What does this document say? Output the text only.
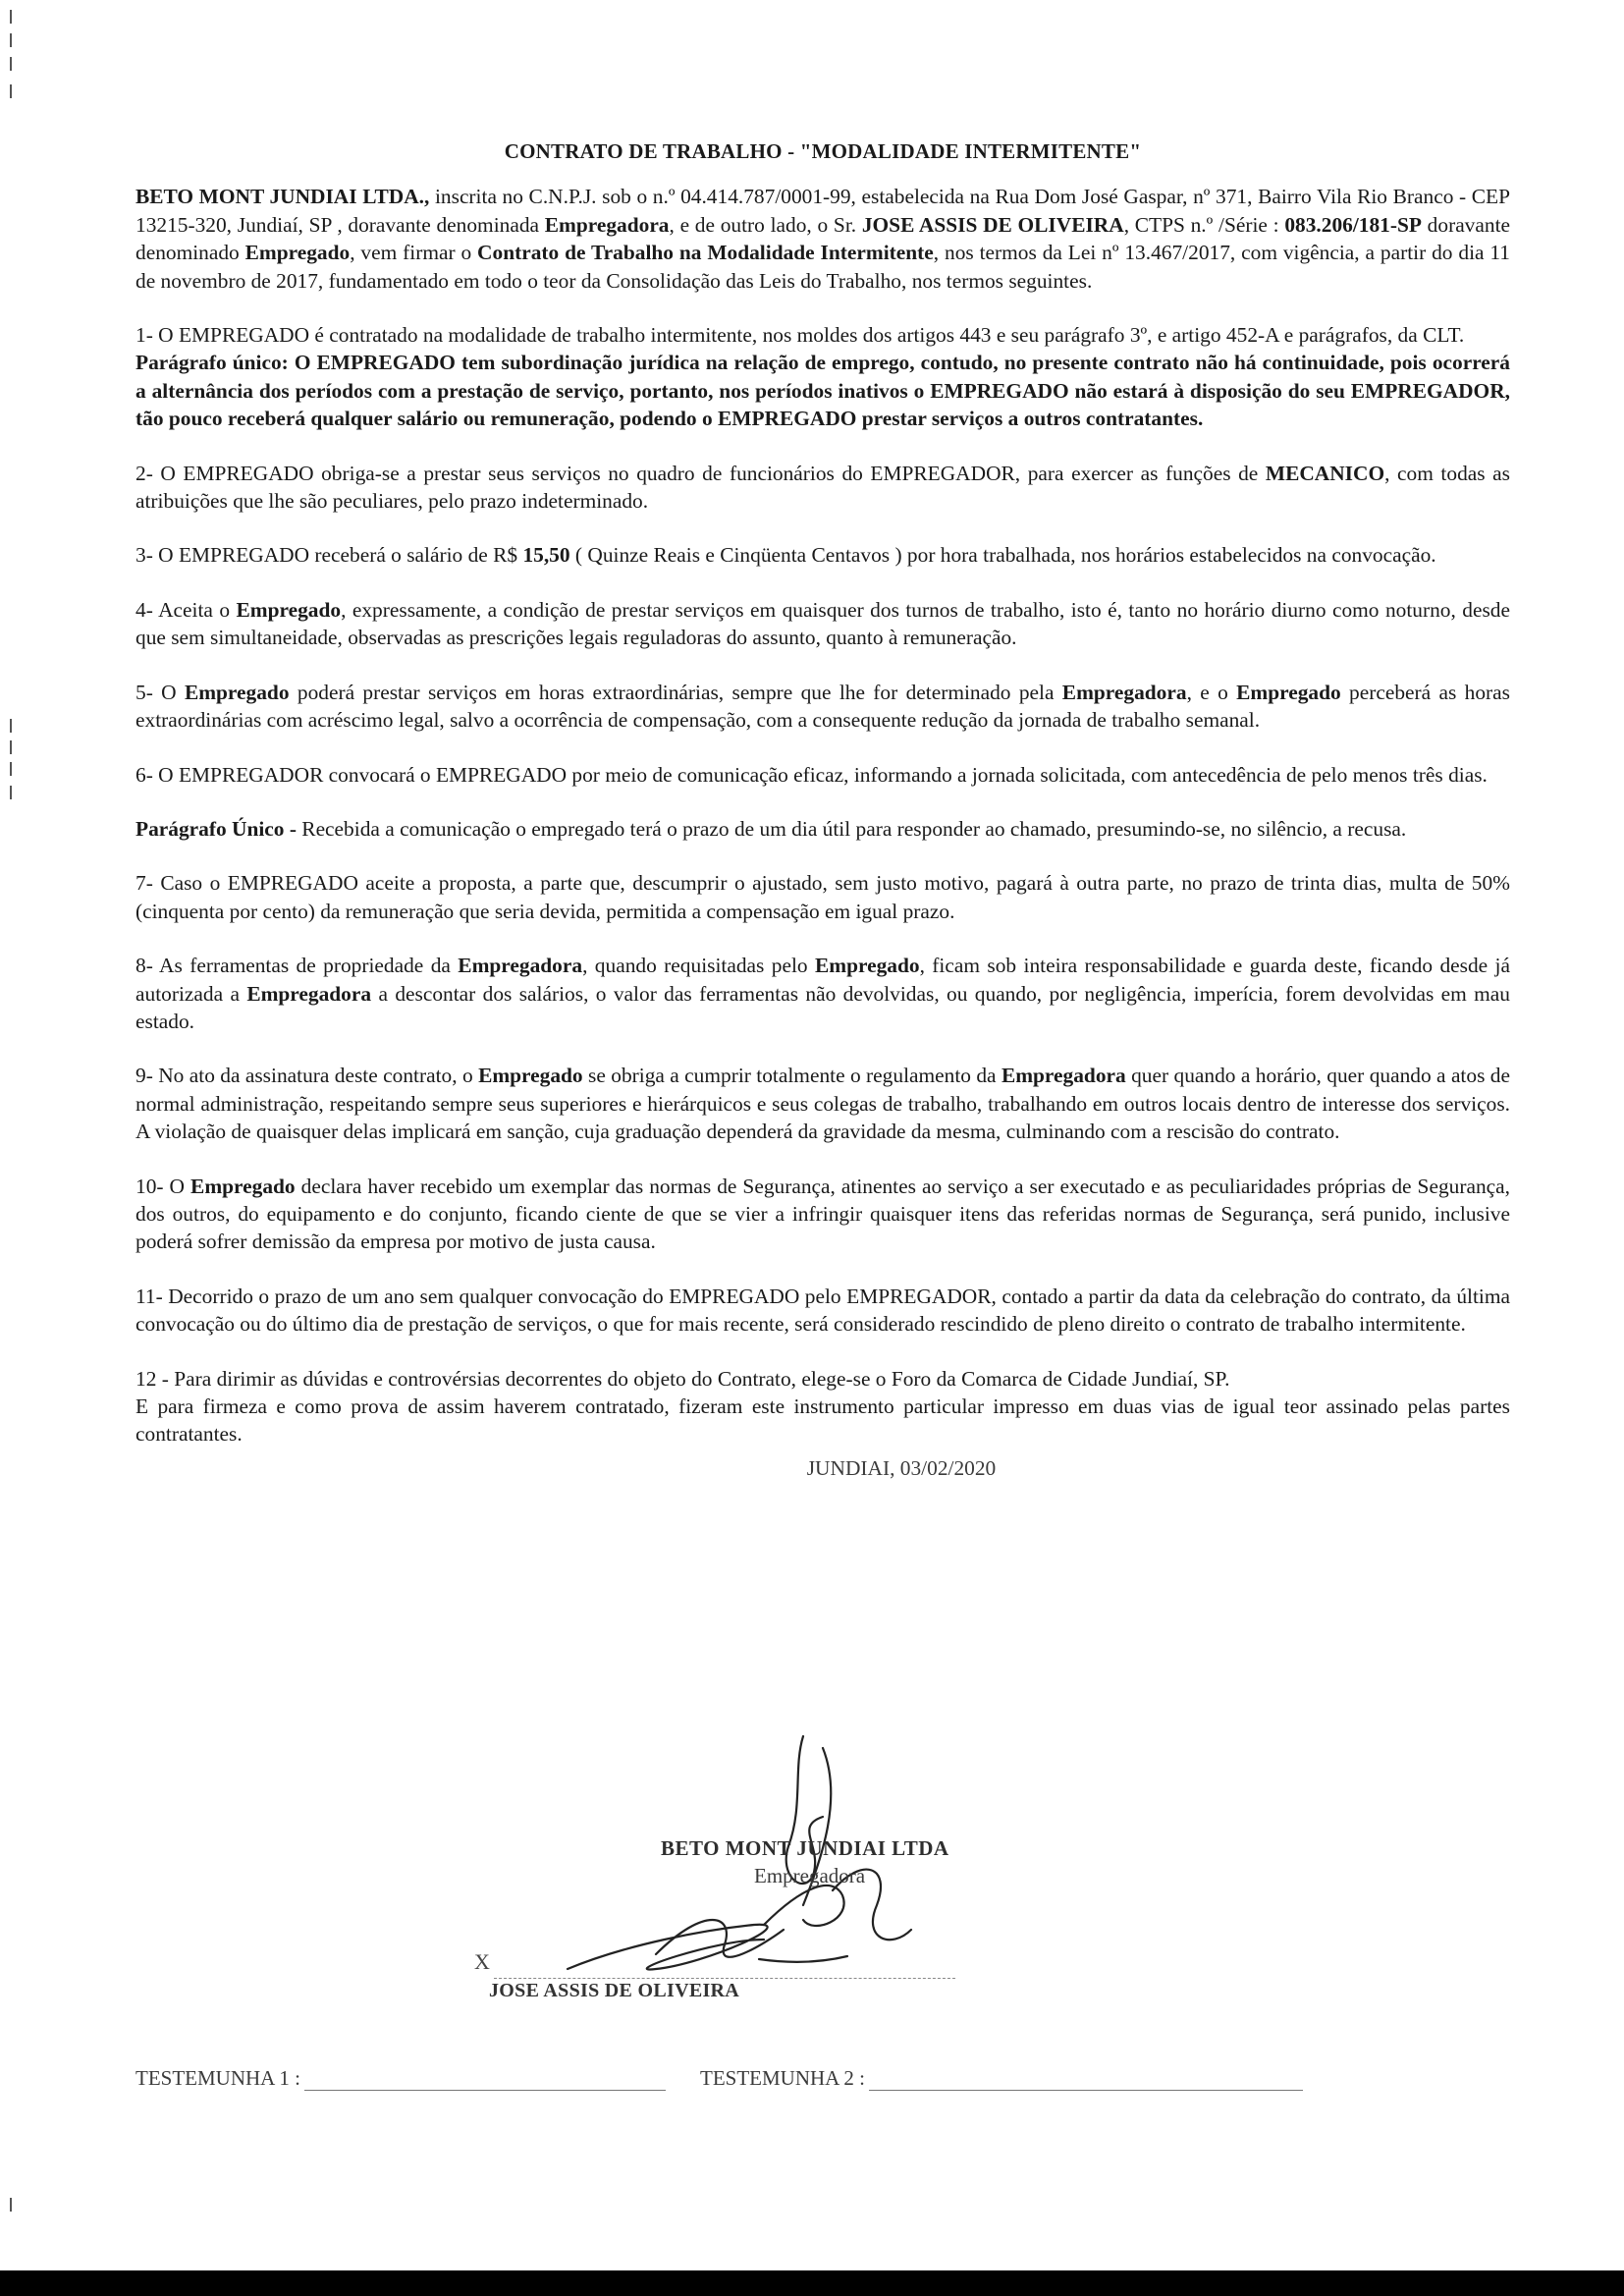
CONTRATO DE TRABALHO - "MODALIDADE INTERMITENTE"

BETO MONT JUNDIAI LTDA., inscrita no C.N.P.J. sob o n.º 04.414.787/0001-99, estabelecida na Rua Dom José Gaspar, nº 371, Bairro Vila Rio Branco - CEP 13215-320, Jundiaí, SP , doravante denominada Empregadora, e de outro lado, o Sr. JOSE ASSIS DE OLIVEIRA, CTPS n.º /Série : 083.206/181-SP doravante denominado Empregado, vem firmar o Contrato de Trabalho na Modalidade Intermitente, nos termos da Lei nº 13.467/2017, com vigência, a partir do dia 11 de novembro de 2017, fundamentado em todo o teor da Consolidação das Leis do Trabalho, nos termos seguintes.

1- O EMPREGADO é contratado na modalidade de trabalho intermitente, nos moldes dos artigos 443 e seu parágrafo 3º, e artigo 452-A e parágrafos, da CLT.

Parágrafo único: O EMPREGADO tem subordinação jurídica na relação de emprego, contudo, no presente contrato não há continuidade, pois ocorrerá a alternância dos períodos com a prestação de serviço, portanto, nos períodos inativos o EMPREGADO não estará à disposição do seu EMPREGADOR, tão pouco receberá qualquer salário ou remuneração, podendo o EMPREGADO prestar serviços a outros contratantes.

2- O EMPREGADO obriga-se a prestar seus serviços no quadro de funcionários do EMPREGADOR, para exercer as funções de MECANICO, com todas as atribuições que lhe são peculiares, pelo prazo indeterminado.

3- O EMPREGADO receberá o salário de R$ 15,50 ( Quinze Reais e Cinqüenta Centavos ) por hora trabalhada, nos horários estabelecidos na convocação.

4- Aceita o Empregado, expressamente, a condição de prestar serviços em quaisquer dos turnos de trabalho, isto é, tanto no horário diurno como noturno, desde que sem simultaneidade, observadas as prescrições legais reguladoras do assunto, quanto à remuneração.

5- O Empregado poderá prestar serviços em horas extraordinárias, sempre que lhe for determinado pela Empregadora, e o Empregado perceberá as horas extraordinárias com acréscimo legal, salvo a ocorrência de compensação, com a consequente redução da jornada de trabalho semanal.

6- O EMPREGADOR convocará o EMPREGADO por meio de comunicação eficaz, informando a jornada solicitada, com antecedência de pelo menos três dias.

Parágrafo Único - Recebida a comunicação o empregado terá o prazo de um dia útil para responder ao chamado, presumindo-se, no silêncio, a recusa.

7- Caso o EMPREGADO aceite a proposta, a parte que, descumprir o ajustado, sem justo motivo, pagará à outra parte, no prazo de trinta dias, multa de 50% (cinquenta por cento) da remuneração que seria devida, permitida a compensação em igual prazo.

8- As ferramentas de propriedade da Empregadora, quando requisitadas pelo Empregado, ficam sob inteira responsabilidade e guarda deste, ficando desde já autorizada a Empregadora a descontar dos salários, o valor das ferramentas não devolvidas, ou quando, por negligência, imperícia, forem devolvidas em mau estado.

9- No ato da assinatura deste contrato, o Empregado se obriga a cumprir totalmente o regulamento da Empregadora quer quando a horário, quer quando a atos de normal administração, respeitando sempre seus superiores e hierárquicos e seus colegas de trabalho, trabalhando em outros locais dentro de interesse dos serviços. A violação de quaisquer delas implicará em sanção, cuja graduação dependerá da gravidade da mesma, culminando com a rescisão do contrato.

10- O Empregado declara haver recebido um exemplar das normas de Segurança, atinentes ao serviço a ser executado e as peculiaridades próprias de Segurança, dos outros, do equipamento e do conjunto, ficando ciente de que se vier a infringir quaisquer itens das referidas normas de Segurança, será punido, inclusive poderá sofrer demissão da empresa por motivo de justa causa.

11- Decorrido o prazo de um ano sem qualquer convocação do EMPREGADO pelo EMPREGADOR, contado a partir da data da celebração do contrato, da última convocação ou do último dia de prestação de serviços, o que for mais recente, será considerado rescindido de pleno direito o contrato de trabalho intermitente.

12 - Para dirimir as dúvidas e controvérsias decorrentes do objeto do Contrato, elege-se o Foro da Comarca de Cidade Jundiaí, SP.

E para firmeza e como prova de assim haverem contratado, fizeram este instrumento particular impresso em duas vias de igual teor assinado pelas partes contratantes.

JUNDIAI, 03/02/2020
BETO MONT JUNDIAI LTDA
Empregadora
X
JOSE ASSIS DE OLIVEIRA
TESTEMUNHA 1 :	TESTEMUNHA 2 :
